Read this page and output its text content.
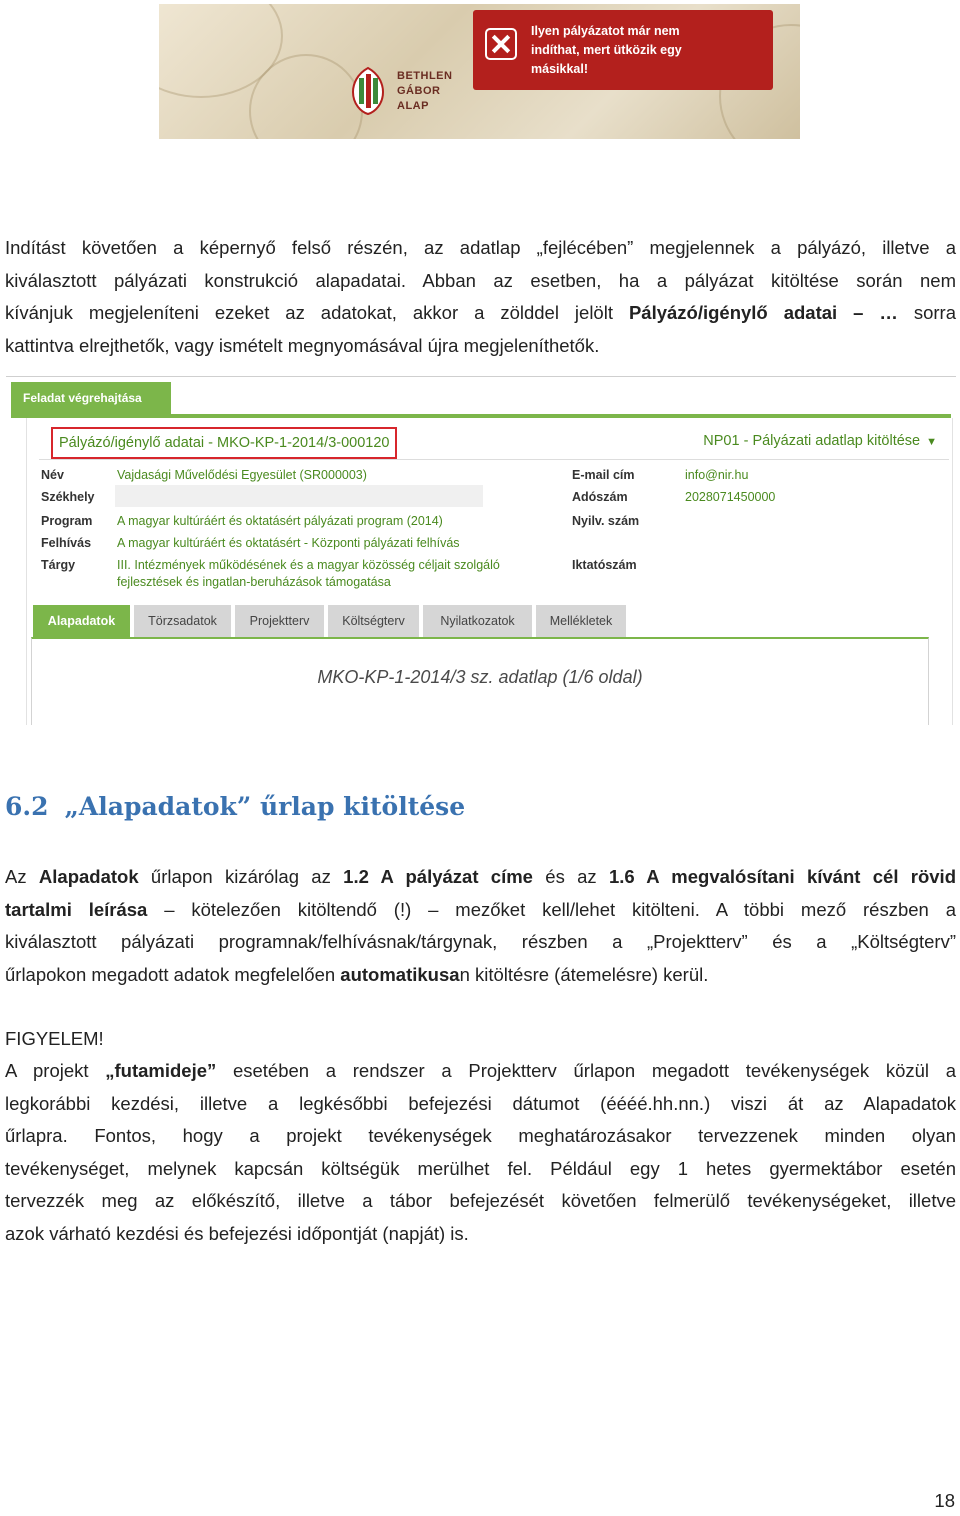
BETHLEN
GÁBOR
ALAP
Ilyen pályázatot már nem
indíthat, mert ütközik egy
másikkal!
Indítást követően a képernyő felső részén, az adatlap „fejlécében” megjelennek a pályázó, illetve a
kiválasztott pályázati konstrukció alapadatai. Abban az esetben, ha a pályázat kitöltése során nem
kívánjuk megjeleníteni ezeket az adatokat, akkor a zölddel jelölt Pályázó/igénylő adatai – … sorra
kattintva elrejthetők, vagy ismételt megnyomásával újra megjeleníthetők.
Feladat végrehajtása
Pályázó/igénylő adatai - MKO-KP-1-2014/3-000120	NP01 - Pályázati adatlap kitöltése ▼
Név	Vajdasági Művelődési Egyesület (SR000003)
Székhely
Program A magyar kultúráért és oktatásért pályázati program (2014)
Felhívás A magyar kultúráért és oktatásért - Központi pályázati felhívás
Tárgy	III. Intézmények működésének és a magyar közösség céljait szolgáló
fejlesztések és ingatlan-beruházások támogatása
E-mail cím	info@nir.hu
Adószám	2028071450000
Nyilv. szám
Iktatószám
Alapadatok	Törzsadatok	Projektterv	Költségterv	Nyilatkozatok	Mellékletek
MKO-KP-1-2014/3 sz. adatlap (1/6 oldal)
6.2 „Alapadatok” űrlap kitöltése
Az Alapadatok űrlapon kizárólag az 1.2 A pályázat címe és az 1.6 A megvalósítani kívánt cél rövid
tartalmi leírása – kötelezően kitöltendő (!) – mezőket kell/lehet kitölteni. A többi mező részben a
kiválasztott pályázati programnak/felhívásnak/tárgynak, részben a „Projektterv” és a „Költségterv”
űrlapokon megadott adatok megfelelően automatikusan kitöltésre (átemelésre) kerül.
FIGYELEM!
A projekt „futamideje” esetében a rendszer a Projektterv űrlapon megadott tevékenységek közül a
legkorábbi kezdési, illetve a legkésőbbi befejezési dátumot (éééé.hh.nn.) viszi át az Alapadatok
űrlapra. Fontos, hogy a projekt tevékenységek meghatározásakor tervezzenek minden olyan
tevékenységet, melynek kapcsán költségük merülhet fel. Például egy 1 hetes gyermektábor esetén
tervezzék meg az előkészítő, illetve a tábor befejezését követően felmerülő tevékenységeket, illetve
azok várható kezdési és befejezési időpontját (napját) is.
18
